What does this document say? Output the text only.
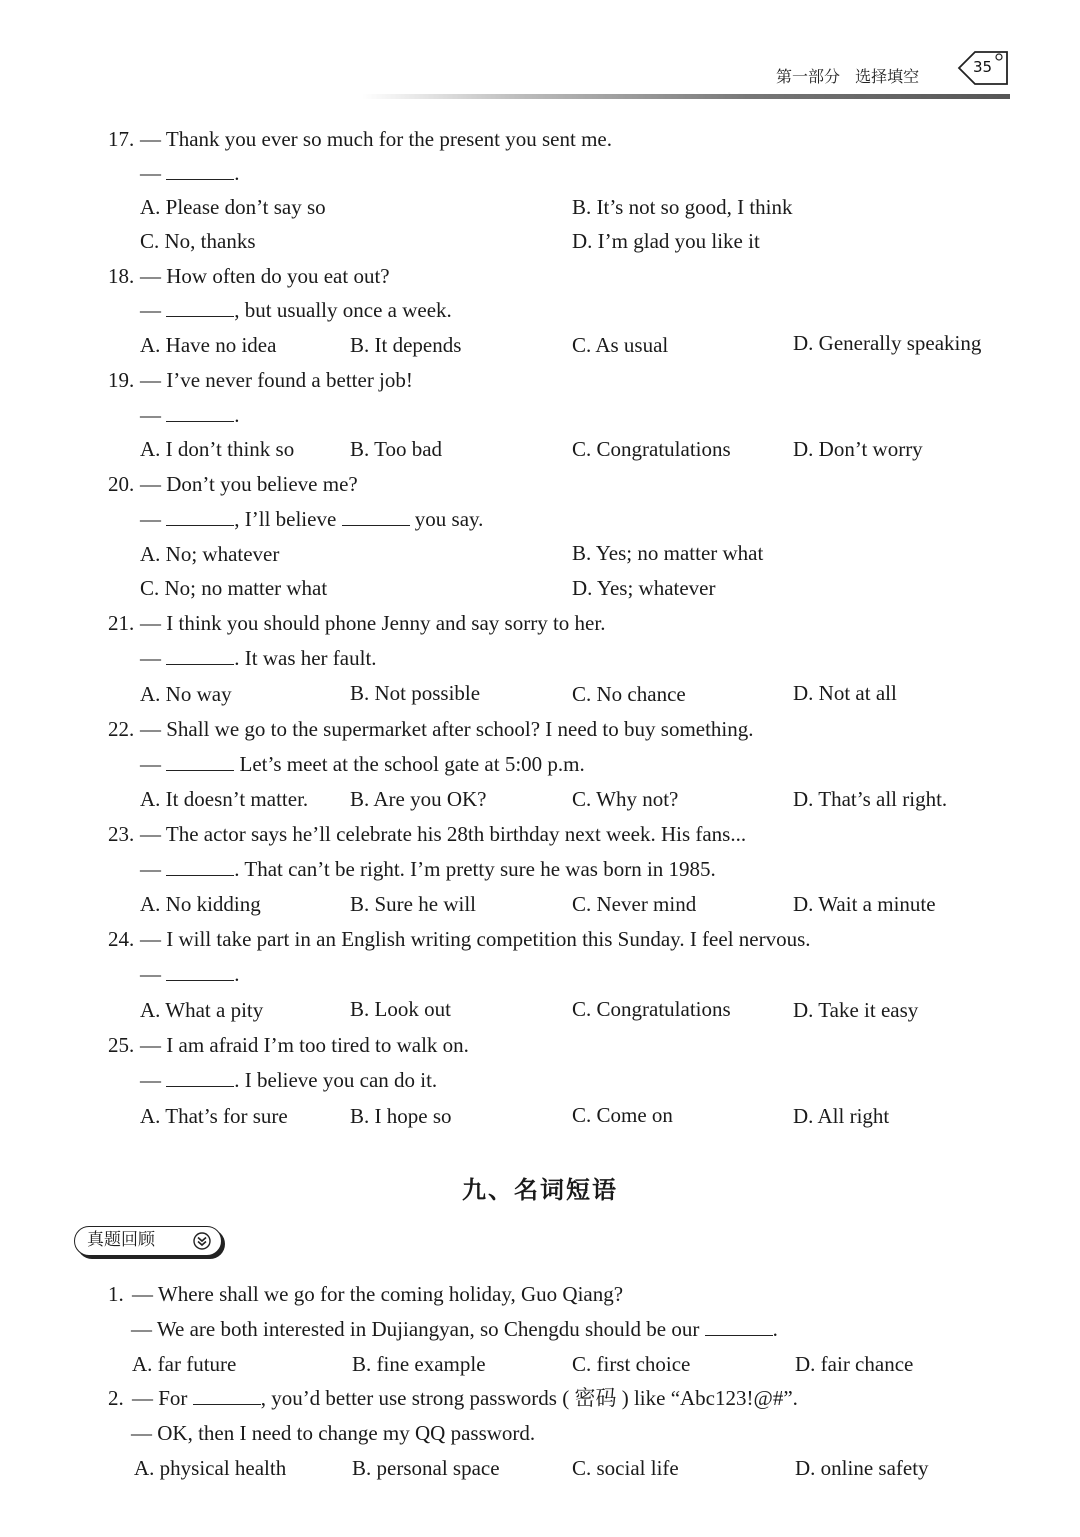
第一部分 选择填空	35
17. — Thank you ever so much for the present you sent me.
—	.
A. Please don’t say so	B. It’s not so good, I think
C. No, thanks	D. I’m glad you like it
18. — How often do you eat out?
—	, but usually once a week.
A. Have no idea	B. It depends	C. As usual	D. Generally speaking
19. — I’ve never found a better job!
—	.
A. I don’t think so	B. Too bad	C. Congratulations	D. Don’t worry
20. — Don’t you believe me?
—	, I’ll believe	you say.
A. No; whatever	B. Yes; no matter what
C. No; no matter what	D. Yes; whatever
21. — I think you should phone Jenny and say sorry to her.
—	. It was her fault.
A. No way	B. Not possible	C. No chance	D. Not at all
22. — Shall we go to the supermarket after school? I need to buy something.
—	Let’s meet at the school gate at 5:00 p.m.
A. It doesn’t matter. B. Are you OK?	C. Why not?	D. That’s all right.
23. — The actor says he’ll celebrate his 28th birthday next week. His fans...
—	. That can’t be right. I’m pretty sure he was born in 1985.
A. No kidding	B. Sure he will	C. Never mind	D. Wait a minute
24. — I will take part in an English writing competition this Sunday. I feel nervous.
—	.
A. What a pity	B. Look out	C. Congratulations	D. Take it easy
25. — I am afraid I’m too tired to walk on.
—	. I believe you can do it.
A. That’s for sure	B. I hope so	C. Come on	D. All right
九、名词短语
真题回顾
1. — Where shall we go for the coming holiday, Guo Qiang?
— We are both interested in Dujiangyan, so Chengdu should be our	.
A. far future	B. fine example	C. first choice	D. fair chance
2. — For	, you’d better use strong passwords ( 密码 ) like “Abc123!@#”.
— OK, then I need to change my QQ password.
A. physical health	B. personal space	C. social life	D. online safety
